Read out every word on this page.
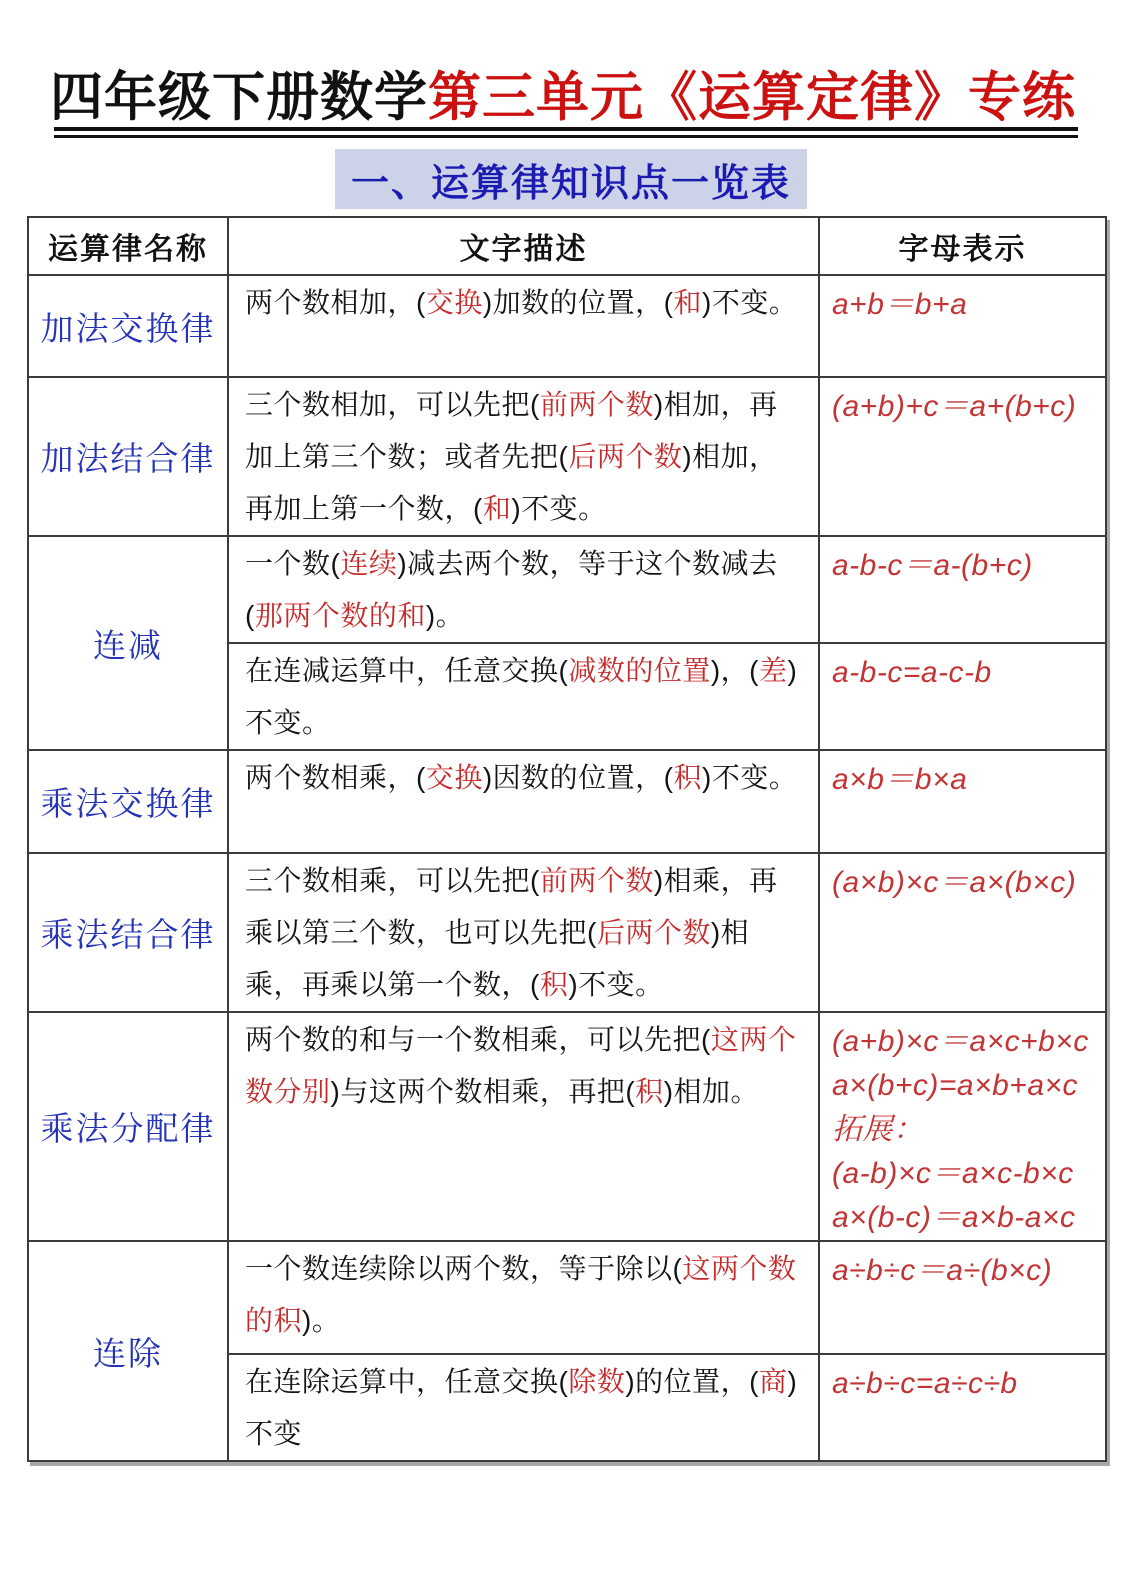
四年级下册数学第三单元《运算定律》专练
一、运算律知识点一览表
运算律名称	文字描述	字母表示
加法交换律	两个数相加，(交换)加数的位置，(和)不变。	a+b＝b+a

加法结合律	三个数相加，可以先把(前两个数)相加，再加上第三个数；或者先把(后两个数)相加，再加上第一个数，(和)不变。	(a+b)+c＝a+(b+c)

连减	一个数(连续)减去两个数，等于这个数减去(那两个数的和)。	a-b-c＝a-(b+c)

	在连减运算中，任意交换(减数的位置)，(差)不变。	a-b-c=a-c-b

乘法交换律	两个数相乘，(交换)因数的位置，(积)不变。	a×b＝b×a

乘法结合律	三个数相乘，可以先把(前两个数)相乘，再乘以第三个数，也可以先把(后两个数)相乘，再乘以第一个数，(积)不变。	(a×b)×c＝a×(b×c)

乘法分配律	两个数的和与一个数相乘，可以先把(这两个数分别)与这两个数相乘，再把(积)相加。	(a+b)×c＝a×c+b×c
a×(b+c)=a×b+a×c
拓展：
(a-b)×c＝a×c-b×c
a×(b-c)＝a×b-a×c

连除	一个数连续除以两个数，等于除以(这两个数的积)。	a÷b÷c＝a÷(b×c)

	在连除运算中，任意交换(除数)的位置，(商)不变	a÷b÷c=a÷c÷b
